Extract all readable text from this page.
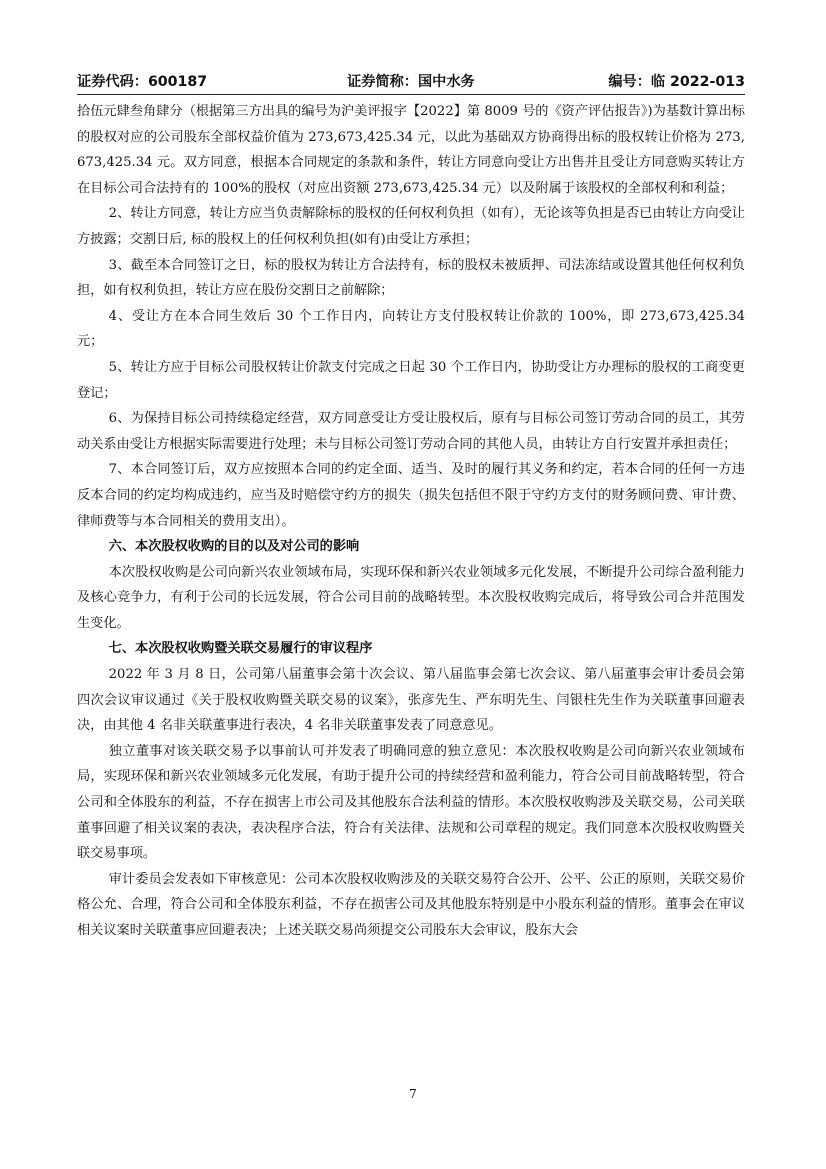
证券代码：600187	证券简称：国中水务	编号：临 2022-013

拾伍元肆叁角肆分（根据第三方出具的编号为沪美评报字【2022】第 8009 号的《资产评估报告》)为基数计算出标的股权对应的公司股东全部权益价值为 273,673,425.34 元，以此为基础双方协商得出标的股权转让价格为 273,673,425.34 元。双方同意，根据本合同规定的条款和条件，转让方同意向受让方出售并且受让方同意购买转让方在目标公司合法持有的 100%的股权（对应出资额 273,673,425.34 元）以及附属于该股权的全部权利和利益；

2、转让方同意，转让方应当负责解除标的股权的任何权利负担（如有），无论该等负担是否已由转让方向受让方披露；交割日后, 标的股权上的任何权利负担(如有)由受让方承担；

3、截至本合同签订之日，标的股权为转让方合法持有，标的股权未被质押、司法冻结或设置其他任何权利负担，如有权利负担，转让方应在股份交割日之前解除；

4、受让方在本合同生效后 30 个工作日内，向转让方支付股权转让价款的 100%，即 273,673,425.34 元；

5、转让方应于目标公司股权转让价款支付完成之日起 30 个工作日内，协助受让方办理标的股权的工商变更登记；

6、为保持目标公司持续稳定经营，双方同意受让方受让股权后，原有与目标公司签订劳动合同的员工，其劳动关系由受让方根据实际需要进行处理；未与目标公司签订劳动合同的其他人员，由转让方自行安置并承担责任；

7、本合同签订后，双方应按照本合同的约定全面、适当、及时的履行其义务和约定，若本合同的任何一方违反本合同的约定均构成违约，应当及时赔偿守约方的损失（损失包括但不限于守约方支付的财务顾问费、审计费、律师费等与本合同相关的费用支出）。

六、本次股权收购的目的以及对公司的影响

本次股权收购是公司向新兴农业领域布局，实现环保和新兴农业领域多元化发展，不断提升公司综合盈利能力及核心竞争力，有利于公司的长远发展，符合公司目前的战略转型。本次股权收购完成后，将导致公司合并范围发生变化。

七、本次股权收购暨关联交易履行的审议程序

2022 年 3 月 8 日，公司第八届董事会第十次会议、第八届监事会第七次会议、第八届董事会审计委员会第四次会议审议通过《关于股权收购暨关联交易的议案》，张彦先生、严东明先生、闫银柱先生作为关联董事回避表决，由其他 4 名非关联董事进行表决，4 名非关联董事发表了同意意见。

独立董事对该关联交易予以事前认可并发表了明确同意的独立意见：本次股权收购是公司向新兴农业领域布局，实现环保和新兴农业领域多元化发展，有助于提升公司的持续经营和盈利能力，符合公司目前战略转型，符合公司和全体股东的利益，不存在损害上市公司及其他股东合法利益的情形。本次股权收购涉及关联交易，公司关联董事回避了相关议案的表决，表决程序合法，符合有关法律、法规和公司章程的规定。我们同意本次股权收购暨关联交易事项。

审计委员会发表如下审核意见：公司本次股权收购涉及的关联交易符合公开、公平、公正的原则，关联交易价格公允、合理，符合公司和全体股东利益，不存在损害公司及其他股东特别是中小股东利益的情形。董事会在审议相关议案时关联董事应回避表决；上述关联交易尚须提交公司股东大会审议，股东大会

7
